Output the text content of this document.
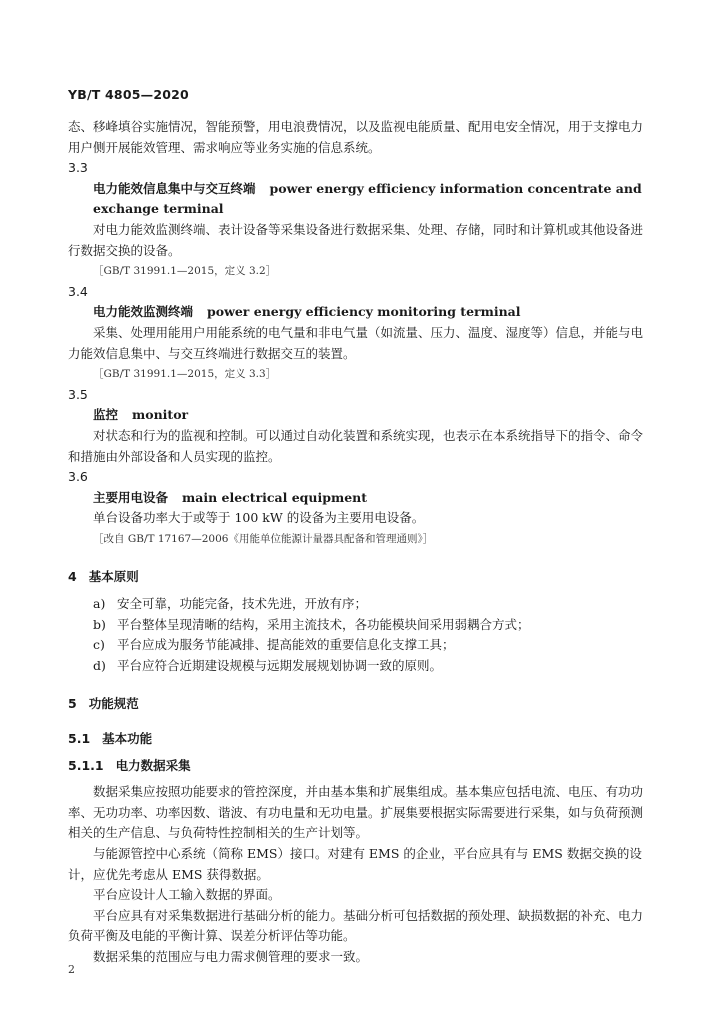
YB/T 4805—2020

态、移峰填谷实施情况，智能预警，用电浪费情况，以及监视电能质量、配用电安全情况，用于支撑电力用户侧开展能效管理、需求响应等业务实施的信息系统。

3.3
电力能效信息集中与交互终端 power energy efficiency information concentrate and exchange terminal

对电力能效监测终端、表计设备等采集设备进行数据采集、处理、存储，同时和计算机或其他设备进行数据交换的设备。

［GB/T 31991.1—2015，定义 3.2］
3.4
电力能效监测终端 power energy efficiency monitoring terminal

采集、处理用能用户用能系统的电气量和非电气量（如流量、压力、温度、湿度等）信息，并能与电力能效信息集中、与交互终端进行数据交互的装置。

［GB/T 31991.1—2015，定义 3.3］
3.5
监控 monitor

对状态和行为的监视和控制。可以通过自动化装置和系统实现，也表示在本系统指导下的指令、命令和措施由外部设备和人员实现的监控。

3.6
主要用电设备 main electrical equipment

单台设备功率大于或等于 100 kW 的设备为主要用电设备。

［改自 GB/T 17167—2006《用能单位能源计量器具配备和管理通则》］
4 基本原则
a) 安全可靠，功能完备，技术先进，开放有序；
b) 平台整体呈现清晰的结构，采用主流技术，各功能模块间采用弱耦合方式；
c) 平台应成为服务节能减排、提高能效的重要信息化支撑工具；
d) 平台应符合近期建设规模与远期发展规划协调一致的原则。
5 功能规范
5.1 基本功能
5.1.1 电力数据采集

数据采集应按照功能要求的管控深度，并由基本集和扩展集组成。基本集应包括电流、电压、有功功率、无功功率、功率因数、谐波、有功电量和无功电量。扩展集要根据实际需要进行采集，如与负荷预测相关的生产信息、与负荷特性控制相关的生产计划等。

与能源管控中心系统（简称 EMS）接口。对建有 EMS 的企业，平台应具有与 EMS 数据交换的设计，应优先考虑从 EMS 获得数据。

平台应设计人工输入数据的界面。

平台应具有对采集数据进行基础分析的能力。基础分析可包括数据的预处理、缺损数据的补充、电力负荷平衡及电能的平衡计算、误差分析评估等功能。

数据采集的范围应与电力需求侧管理的要求一致。

2
